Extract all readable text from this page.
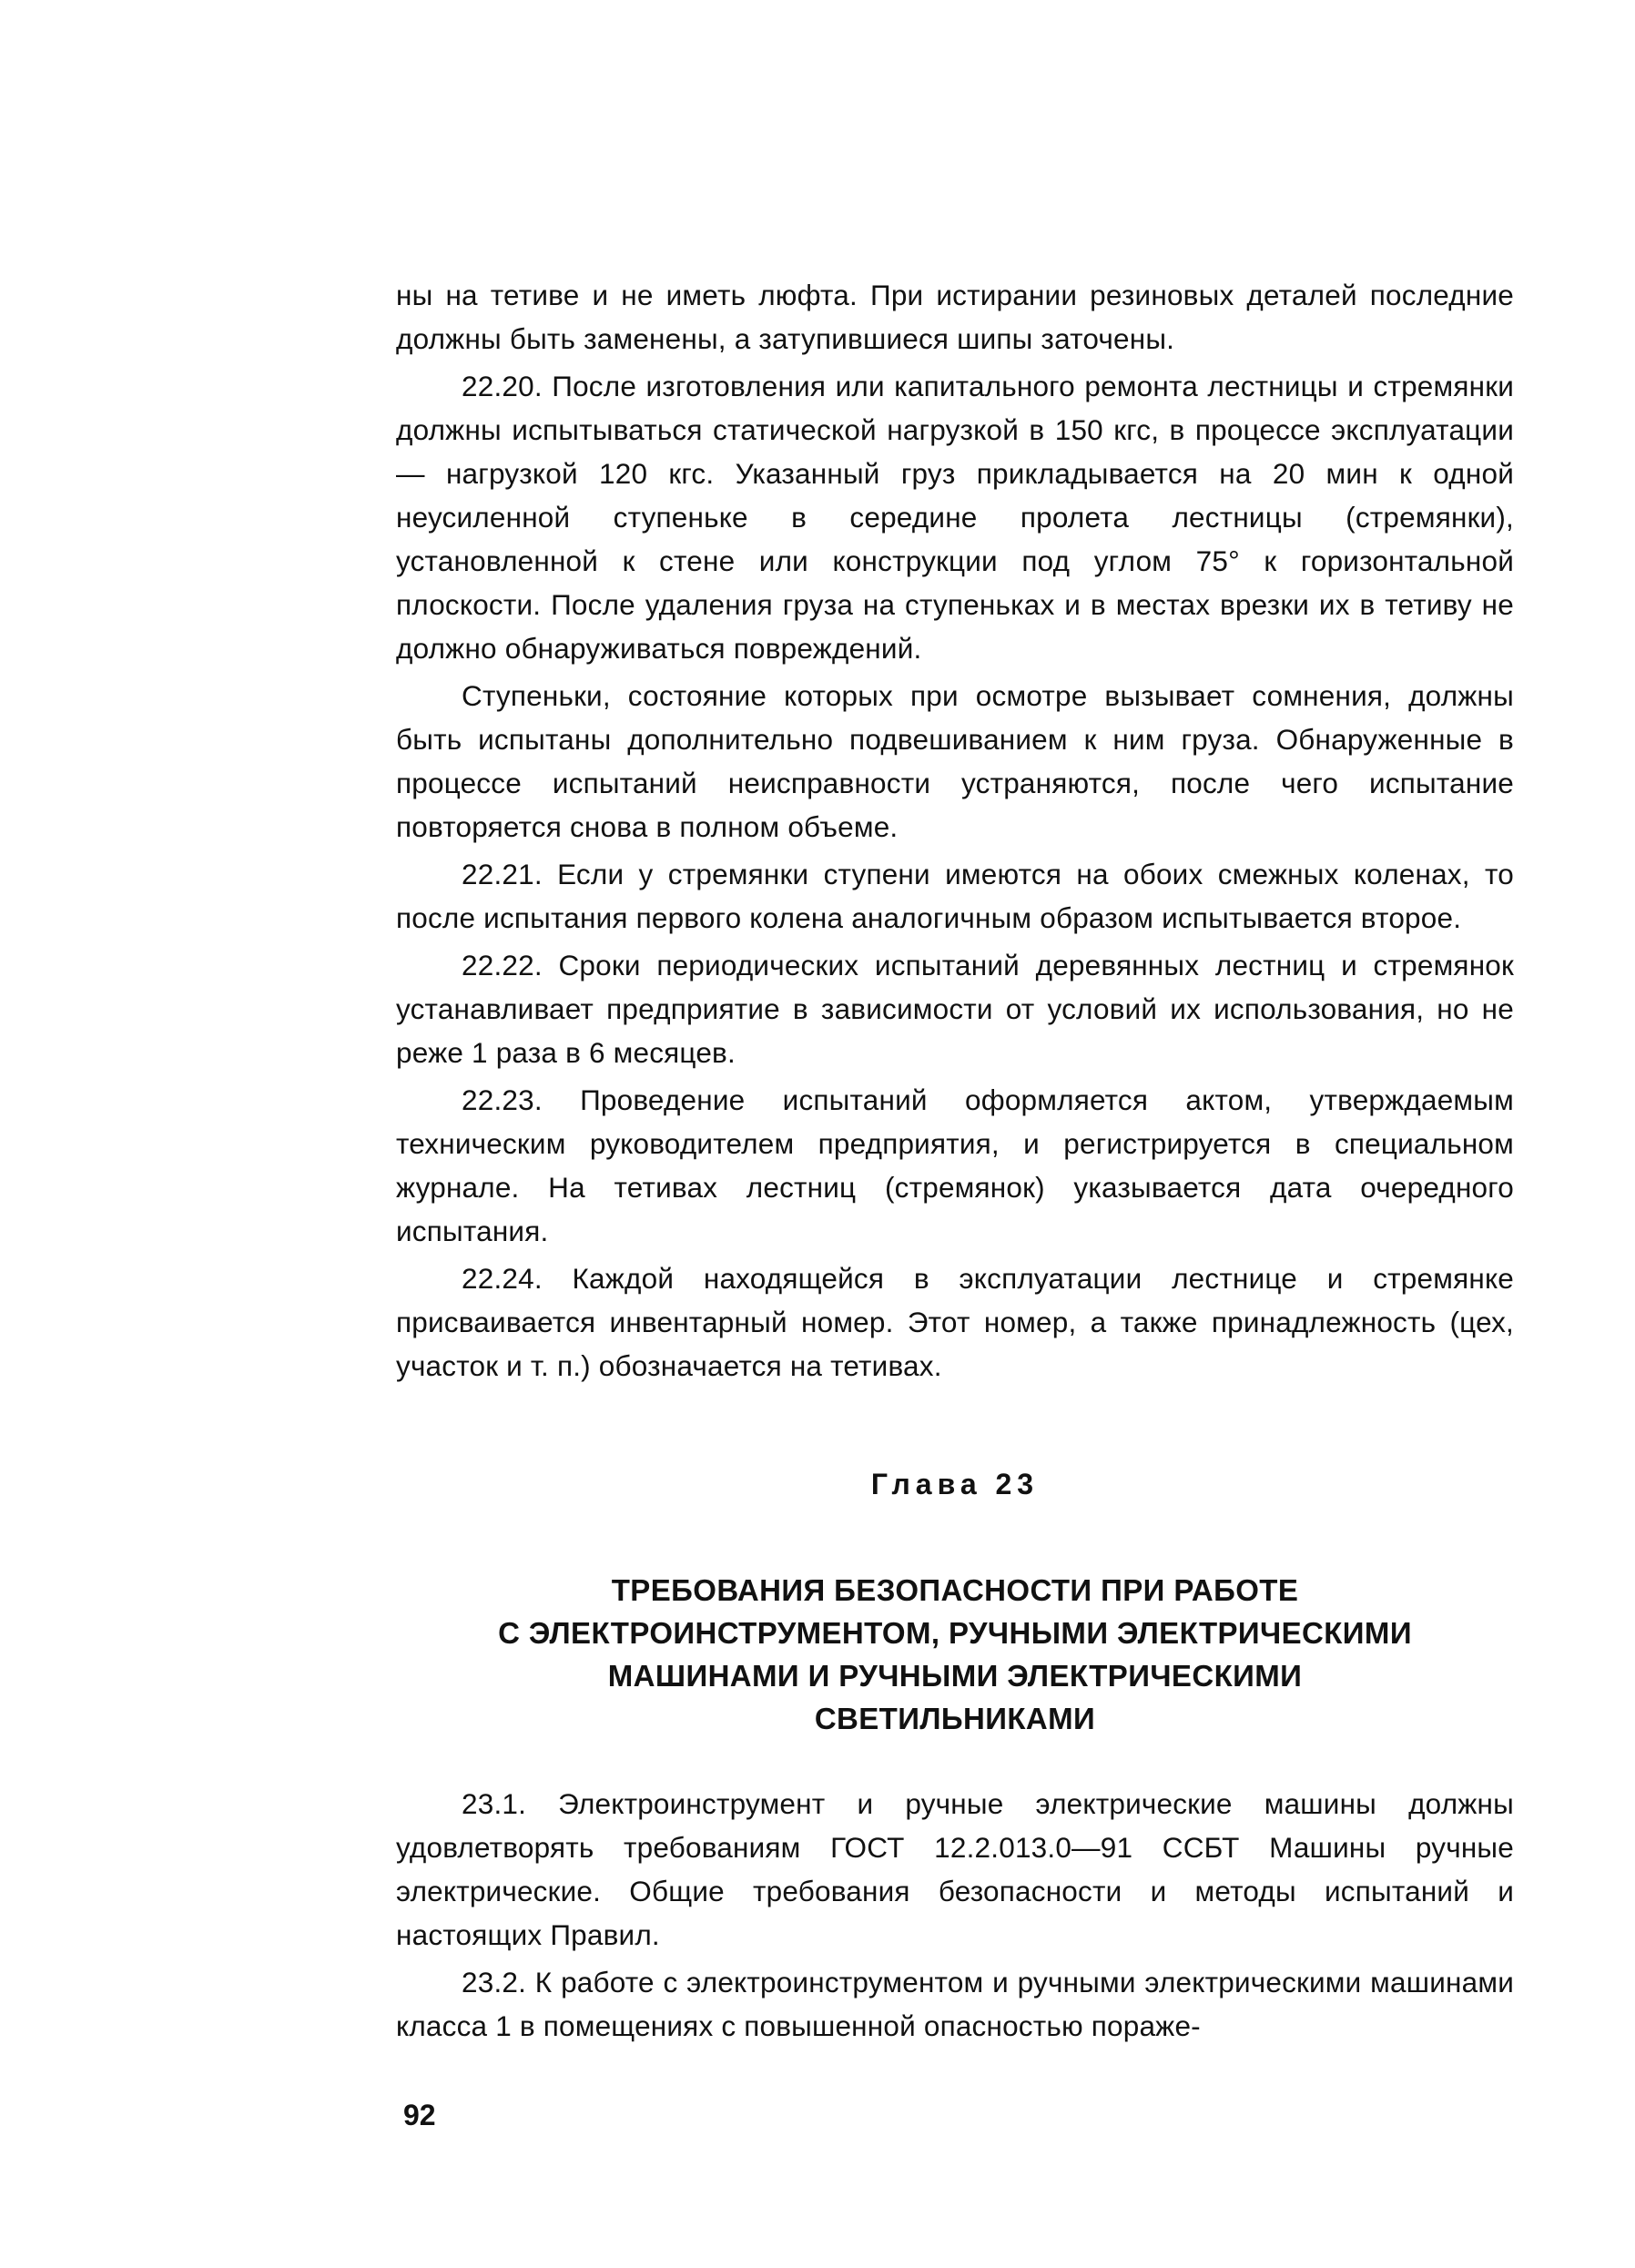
ны на тетиве и не иметь люфта. При истирании резиновых деталей последние должны быть заменены, а затупившиеся шипы заточены.

22.20. После изготовления или капитального ремонта лестницы и стремянки должны испытываться статической нагрузкой в 150 кгс, в процессе эксплуатации — нагрузкой 120 кгс. Указанный груз прикладывается на 20 мин к одной неусиленной ступеньке в середине пролета лестницы (стремянки), установленной к стене или конструкции под углом 75° к горизонтальной плоскости. После удаления груза на ступеньках и в местах врезки их в тетиву не должно обнаруживаться повреждений.

Ступеньки, состояние которых при осмотре вызывает сомнения, должны быть испытаны дополнительно подвешиванием к ним груза. Обнаруженные в процессе испытаний неисправности устраняются, после чего испытание повторяется снова в полном объеме.

22.21. Если у стремянки ступени имеются на обоих смежных коленах, то после испытания первого колена аналогичным образом испытывается второе.

22.22. Сроки периодических испытаний деревянных лестниц и стремянок устанавливает предприятие в зависимости от условий их использования, но не реже 1 раза в 6 месяцев.

22.23. Проведение испытаний оформляется актом, утверждаемым техническим руководителем предприятия, и регистрируется в специальном журнале. На тетивах лестниц (стремянок) указывается дата очередного испытания.

22.24. Каждой находящейся в эксплуатации лестнице и стремянке присваивается инвентарный номер. Этот номер, а также принадлежность (цех, участок и т. п.) обозначается на тетивах.

Глава 23
ТРЕБОВАНИЯ БЕЗОПАСНОСТИ ПРИ РАБОТЕ
С ЭЛЕКТРОИНСТРУМЕНТОМ, РУЧНЫМИ ЭЛЕКТРИЧЕСКИМИ
МАШИНАМИ И РУЧНЫМИ ЭЛЕКТРИЧЕСКИМИ
СВЕТИЛЬНИКАМИ

23.1. Электроинструмент и ручные электрические машины должны удовлетворять требованиям ГОСТ 12.2.013.0—91 ССБТ Машины ручные электрические. Общие требования безопасности и методы испытаний и настоящих Правил.

23.2. К работе с электроинструментом и ручными электрическими машинами класса 1 в помещениях с повышенной опасностью пораже-

92
